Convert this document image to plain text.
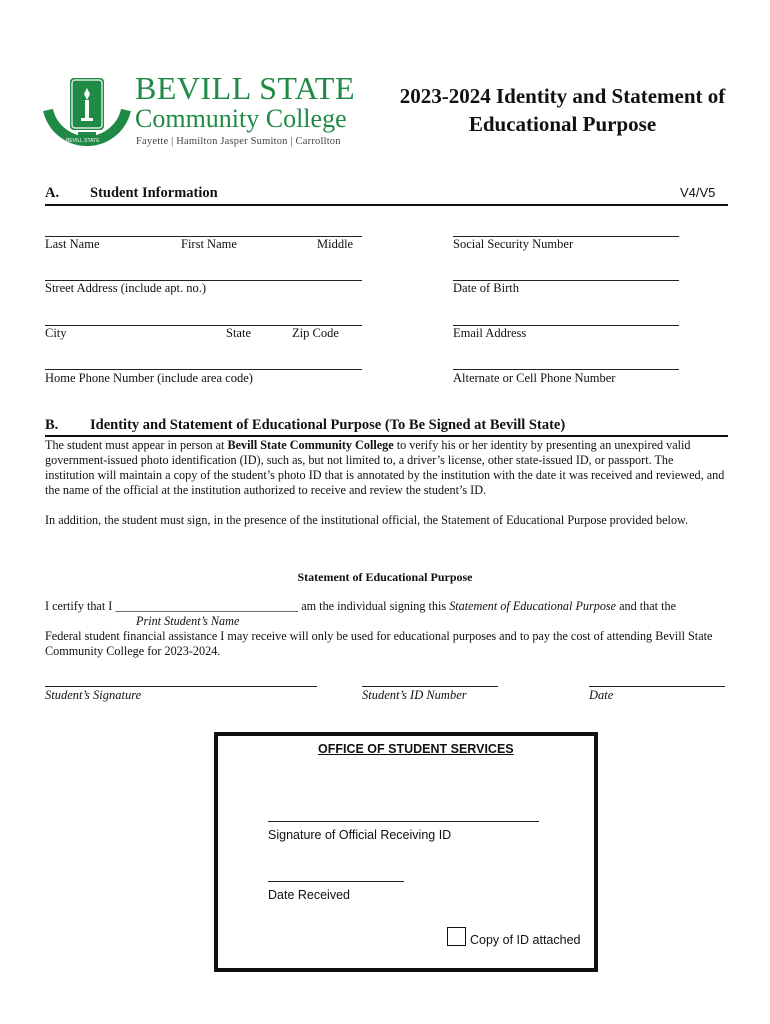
BEVILL STATE
BEVILL STATE
Community College
Fayette | Hamilton Jasper Sumiton | Carrollton
2023-2024 Identity and Statement of Educational Purpose
A. Student Information	V4/V5
Last Name	First Name	Middle	Social Security Number
Street Address (include apt. no.)	Date of Birth
City	State	Zip Code	Email Address
Home Phone Number (include area code)	Alternate or Cell Phone Number
B. Identity and Statement of Educational Purpose (To Be Signed at Bevill State)
The student must appear in person at Bevill State Community College to verify his or her identity by presenting an unexpired valid government-issued photo identification (ID), such as, but not limited to, a driver’s license, other state-issued ID, or passport. The institution will maintain a copy of the student’s photo ID that is annotated by the institution with the date it was received and reviewed, and the name of the official at the institution authorized to receive and review the student’s ID.
In addition, the student must sign, in the presence of the institutional official, the Statement of Educational Purpose provided below.
Statement of Educational Purpose
I certify that I ______________________________ am the individual signing this Statement of Educational Purpose and that the
Print Student’s Name
Federal student financial assistance I may receive will only be used for educational purposes and to pay the cost of attending Bevill State Community College for 2023-2024.
Student’s Signature	Student’s ID Number	Date
OFFICE OF STUDENT SERVICES
Signature of Official Receiving ID
Date Received
Copy of ID attached
